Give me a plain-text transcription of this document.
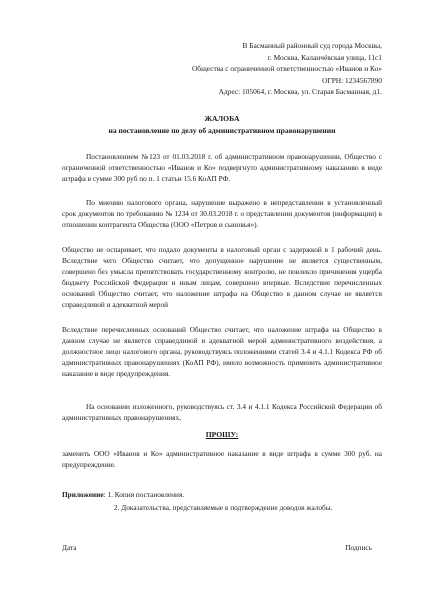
В Басманный районный суд города Москвы,
г. Москва, Каланчёвская улица, 11с1
Общества с ограниченной ответственностью «Иванов и Ко»
ОГРН: 1234567890
Адрес: 105064, г. Москва, ул. Старая Басманная, д1.
ЖАЛОБА
на постановление по делу об административном правонарушении

Постановлением №123 от 01.03.2018 г. об административном правонарушении, Общество с ограниченной ответственностью «Иванов и Ко» подвергнуто административному наказанию в виде штрафа в сумме 300 руб по п. 1 статьи 15.6 КоАП РФ.

По мнению налогового органа, нарушение выражено в непредставлении в установленный срок документов по требованию № 1234 от 30.03.2018 г. о представлении документов (информации) в отношении контрагента Общества (ООО «Петров и сыновья»).

Общество не оспаривает, что подало документы в налоговый орган с задержкой в 1 рабочий день. Вследствие чего Общество считает, что допущенное нарушение не является существенным, совершено без умысла препятствовать государственному контролю, не повлекло причинения ущерба бюджету Российской Федерации и иным лицам, совершено впервые. Вследствие перечисленных оснований Общество считает, что наложение штрафа на Общество в данном случае не является справедливой и адекватной мерой

Вследствие перечисленных оснований Общество считает, что наложение штрафа на Общество в данном случае не является справедливой и адекватной мерой административного воздействия, а должностное лицо налогового органа, руководствуясь положениями статей 3.4 и 4.1.1 Кодекса РФ об административных правонарушениях (КоАП РФ), имело возможность применить административное наказание в виде предупреждения.

На основании изложенного, руководствуясь ст. 3.4 и 4.1.1 Кодекса Российской Федерации об административных правонарушениях,

ПРОШУ:

заменить ООО «Иванов и Ко» административное наказание в виде штрафа в сумме 300 руб. на предупреждение.

Приложение: 1. Копия постановления.
2. Доказательства, представляемые в подтверждение доводов жалобы.
Дата	Подпись
